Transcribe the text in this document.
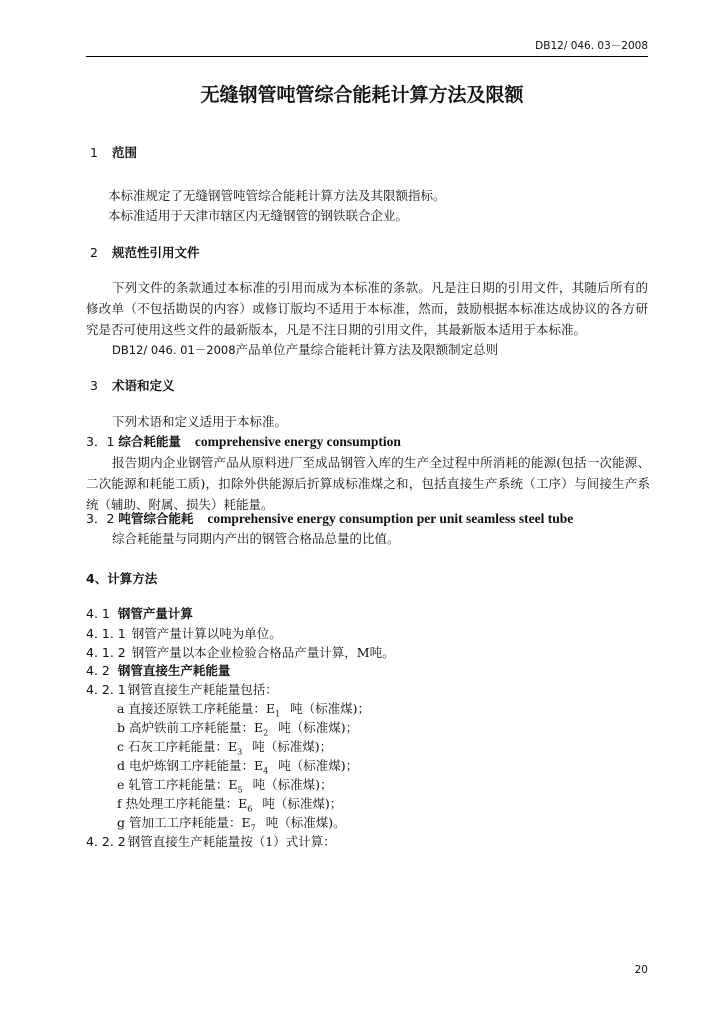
DB12/ 046. 03－2008
无缝钢管吨管综合能耗计算方法及限额
1 范围
本标准规定了无缝钢管吨管综合能耗计算方法及其限额指标。
本标准适用于天津市辖区内无缝钢管的钢铁联合企业。
2 规范性引用文件
下列文件的条款通过本标准的引用而成为本标准的条款。凡是注日期的引用文件，其随后所有的
修改单（不包括勘误的内容）或修订版均不适用于本标准，然而，鼓励根据本标准达成协议的各方研
究是否可使用这些文件的最新版本，凡是不注日期的引用文件，其最新版本适用于本标准。
DB12/ 046. 01－2008产品单位产量综合能耗计算方法及限额制定总则
3 术语和定义
下列术语和定义适用于本标准。
3．1 综合耗能量 comprehensive energy consumption
报告期内企业钢管产品从原料进厂至成品钢管入库的生产全过程中所消耗的能源(包括一次能源、
二次能源和耗能工质)，扣除外供能源后折算成标准煤之和，包括直接生产系统（工序）与间接生产系
统（辅助、附属、损失）耗能量。
3．2 吨管综合能耗 comprehensive energy consumption per unit seamless steel tube
综合耗能量与同期内产出的钢管合格品总量的比值。
4、计算方法
4. 1 钢管产量计算
4. 1. 1 钢管产量计算以吨为单位。
4. 1. 2 钢管产量以本企业检验合格品产量计算，M吨。
4. 2 钢管直接生产耗能量
4. 2. 1 钢管直接生产耗能量包括：
a 直接还原铁工序耗能量：$E_1$ 吨（标准煤)；
b 高炉铁前工序耗能量：$E_2$ 吨（标准煤)；
c 石灰工序耗能量：$E_3$ 吨（标准煤)；
d 电炉炼钢工序耗能量：$E_4$ 吨（标准煤)；
e 轧管工序耗能量：$E_5$ 吨（标准煤)；
f 热处理工序耗能量：$E_6$ 吨（标准煤)；
g 管加工工序耗能量：$E_7$ 吨（标准煤)。
4. 2. 2 钢管直接生产耗能量按（1）式计算：
20
